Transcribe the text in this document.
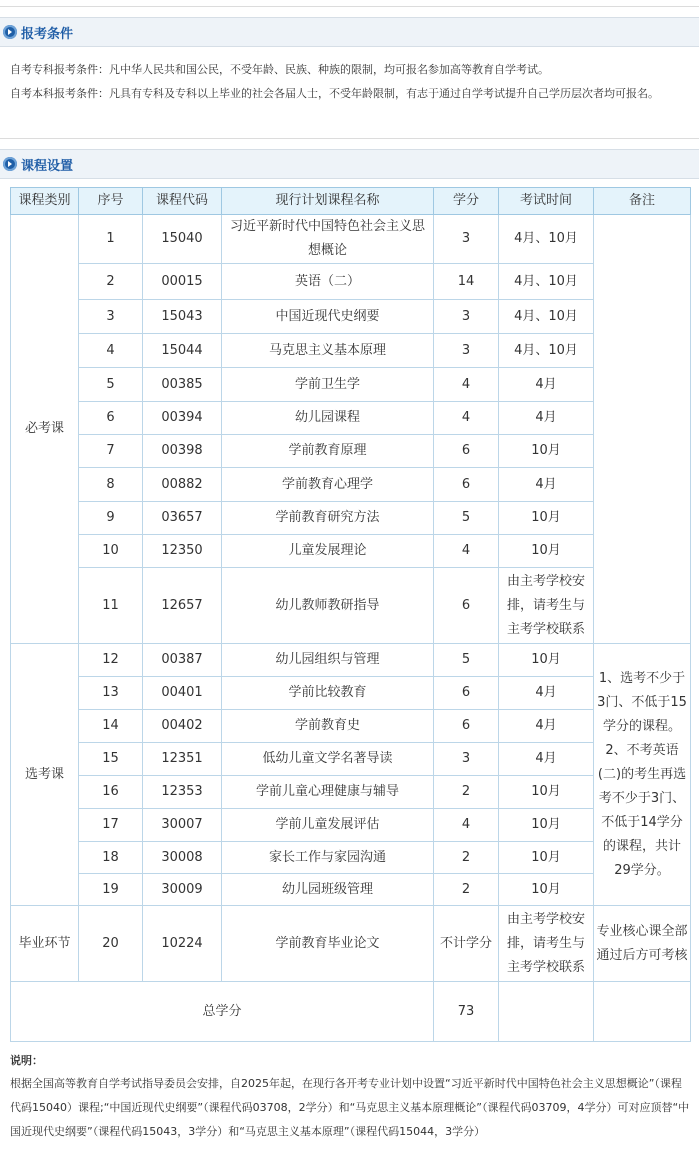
报考条件
自考专科报考条件：凡中华人民共和国公民，不受年龄、民族、种族的限制，均可报名参加高等教育自学考试。
自考本科报考条件：凡具有专科及专科以上毕业的社会各届人士，不受年龄限制，有志于通过自学考试提升自己学历层次者均可报名。
课程设置
课程类别	序号	课程代码	现行计划课程名称	学分	考试时间	备注
必考课	1	15040	习近平新时代中国特色社会主义思想概论	3	4月、10月	
	2	00015	英语（二）	14	4月、10月	
	3	15043	中国近现代史纲要	3	4月、10月	
	4	15044	马克思主义基本原理	3	4月、10月	
	5	00385	学前卫生学	4	4月	
	6	00394	幼儿园课程	4	4月	
	7	00398	学前教育原理	6	10月	
	8	00882	学前教育心理学	6	4月	
	9	03657	学前教育研究方法	5	10月	
	10	12350	儿童发展理论	4	10月	
	11	12657	幼儿教师教研指导	6	由主考学校安排，请考生与主考学校联系	
选考课	12	00387	幼儿园组织与管理	5	10月	1、选考不少于3门、不低于15学分的课程。2、不考英语(二)的考生再选考不少于3门、不低于14学分的课程，共计29学分。
	13	00401	学前比较教育	6	4月	
	14	00402	学前教育史	6	4月	
	15	12351	低幼儿童文学名著导读	3	4月	
	16	12353	学前儿童心理健康与辅导	2	10月	
	17	30007	学前儿童发展评估	4	10月	
	18	30008	家长工作与家园沟通	2	10月	
	19	30009	幼儿园班级管理	2	10月	
毕业环节	20	10224	学前教育毕业论文	不计学分	由主考学校安排，请考生与主考学校联系	专业核心课全部通过后方可考核
总学分				73		
说明：
根据全国高等教育自学考试指导委员会安排，自2025年起，在现行各开考专业计划中设置“习近平新时代中国特色社会主义思想概论”（课程代码15040）课程;“中国近现代史纲要”（课程代码03708，2学分）和“马克思主义基本原理概论”（课程代码03709，4学分）可对应顶替“中国近现代史纲要”（课程代码15043，3学分）和“马克思主义基本原理”（课程代码15044，3学分）
